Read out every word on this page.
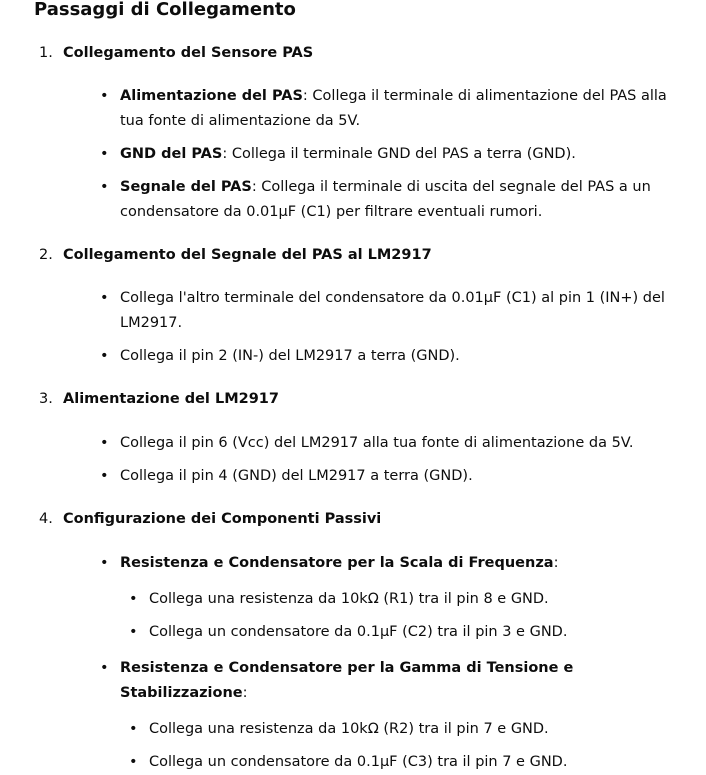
Passaggi di Collegamento
1. Collegamento del Sensore PAS
• Alimentazione del PAS: Collega il terminale di alimentazione del PAS alla tua fonte di alimentazione da 5V.
• GND del PAS: Collega il terminale GND del PAS a terra (GND).
• Segnale del PAS: Collega il terminale di uscita del segnale del PAS a un condensatore da 0.01µF (C1) per filtrare eventuali rumori.
2. Collegamento del Segnale del PAS al LM2917
• Collega l'altro terminale del condensatore da 0.01µF (C1) al pin 1 (IN+) del LM2917.
• Collega il pin 2 (IN-) del LM2917 a terra (GND).
3. Alimentazione del LM2917
• Collega il pin 6 (Vcc) del LM2917 alla tua fonte di alimentazione da 5V.
• Collega il pin 4 (GND) del LM2917 a terra (GND).
4. Configurazione dei Componenti Passivi
• Resistenza e Condensatore per la Scala di Frequenza:
• Collega una resistenza da 10kΩ (R1) tra il pin 8 e GND.
• Collega un condensatore da 0.1µF (C2) tra il pin 3 e GND.
• Resistenza e Condensatore per la Gamma di Tensione e Stabilizzazione:
• Collega una resistenza da 10kΩ (R2) tra il pin 7 e GND.
• Collega un condensatore da 0.1µF (C3) tra il pin 7 e GND.
